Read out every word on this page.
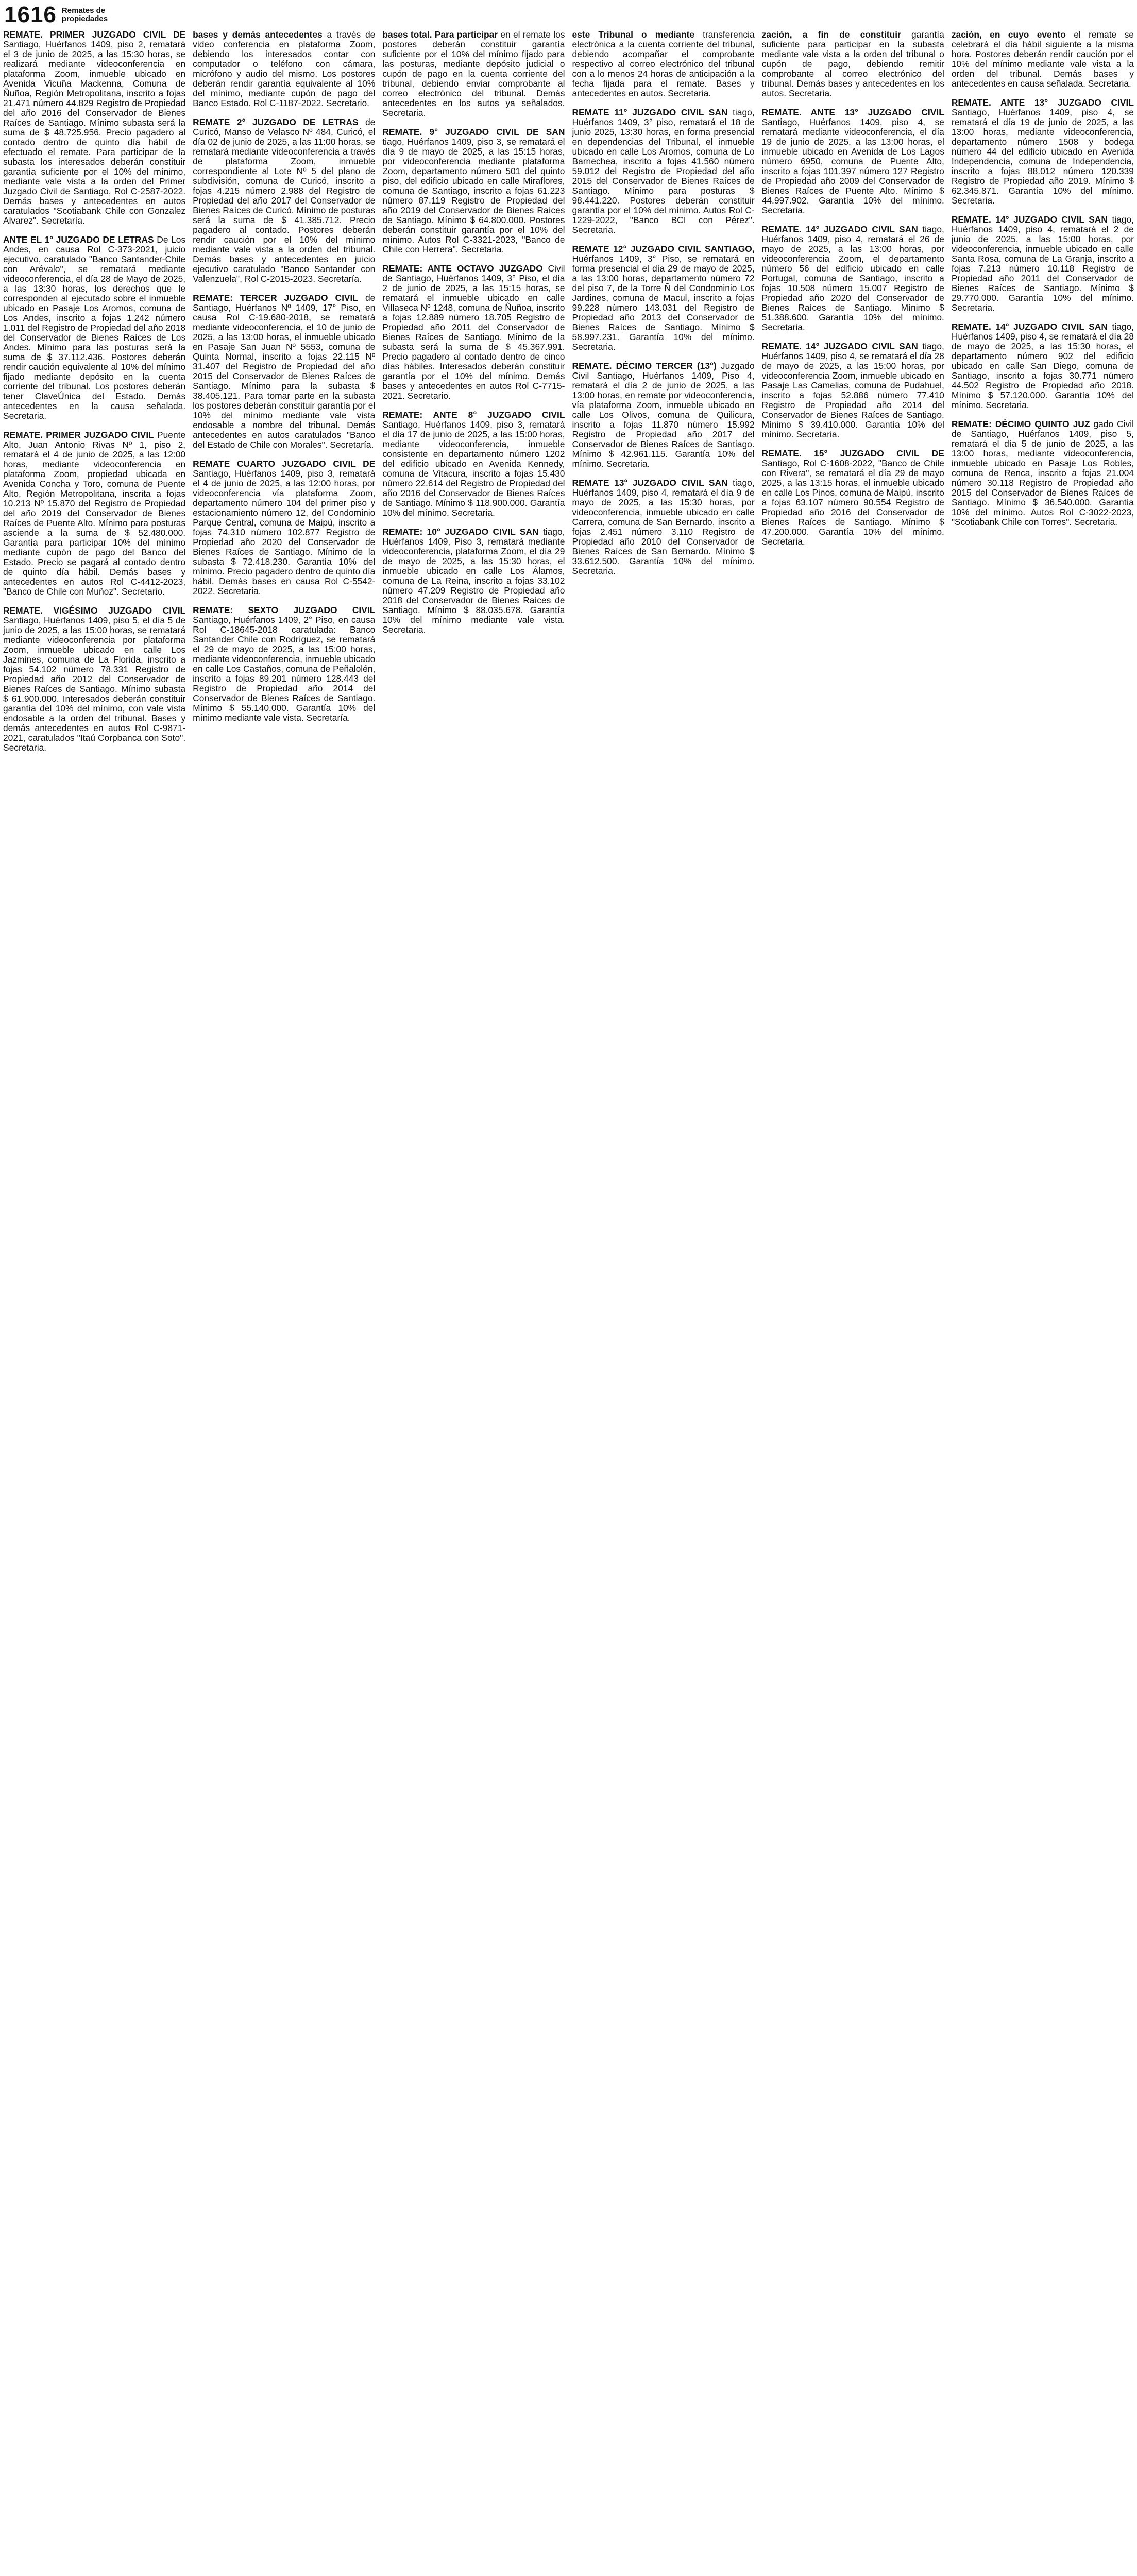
1616 Remates de propiedades

REMATE. PRIMER JUZGADO CIVIL DE Santiago, Huérfanos 1409, piso 2, rematará el 3 de junio de 2025, a las 15:30 horas, se realizará mediante videoconferencia en plataforma Zoom, inmueble ubicado en Avenida Vicuña Mackenna, Comuna de Ñuñoa, Región Metropolitana, inscrito a fojas 21.471 número 44.829 Registro de Propiedad del año 2016 del Conservador de Bienes Raíces de Santiago. Mínimo subasta será la suma de $ 48.725.956. Precio pagadero al contado dentro de quinto día hábil de efectuado el remate. Para participar de la subasta los interesados deberán constituir garantía suficiente por el 10% del mínimo, mediante vale vista a la orden del Primer Juzgado Civil de Santiago, Rol C-2587-2022. Demás bases y antecedentes en autos caratulados "Scotiabank Chile con Gonzalez Alvarez". Secretaría.

ANTE EL 1° JUZGADO DE LETRAS De Los Andes, en causa Rol C-373-2021, juicio ejecutivo, caratulado "Banco Santander-Chile con Arévalo", se rematará mediante videoconferencia, el día 28 de Mayo de 2025, a las 13:30 horas, los derechos que le corresponden al ejecutado sobre el inmueble ubicado en Pasaje Los Aromos, comuna de Los Andes, inscrito a fojas 1.242 número 1.011 del Registro de Propiedad del año 2018 del Conservador de Bienes Raíces de Los Andes. Mínimo para las posturas será la suma de $ 37.112.436. Postores deberán rendir caución equivalente al 10% del mínimo fijado mediante depósito en la cuenta corriente del tribunal. Los postores deberán tener ClaveÚnica del Estado. Demás antecedentes en la causa señalada. Secretaria.

REMATE. PRIMER JUZGADO CIVIL Puente Alto, Juan Antonio Rivas Nº 1, piso 2, rematará el 4 de junio de 2025, a las 12:00 horas, mediante videoconferencia en plataforma Zoom, propiedad ubicada en Avenida Concha y Toro, comuna de Puente Alto, Región Metropolitana, inscrita a fojas 10.213 Nº 15.870 del Registro de Propiedad del año 2019 del Conservador de Bienes Raíces de Puente Alto. Mínimo para posturas asciende a la suma de $ 52.480.000. Garantía para participar 10% del mínimo mediante cupón de pago del Banco del Estado. Precio se pagará al contado dentro de quinto día hábil. Demás bases y antecedentes en autos Rol C-4412-2023, "Banco de Chile con Muñoz". Secretario.

REMATE. VIGÉSIMO JUZGADO CIVIL Santiago, Huérfanos 1409, piso 5, el día 5 de junio de 2025, a las 15:00 horas, se rematará mediante videoconferencia por plataforma Zoom, inmueble ubicado en calle Los Jazmines, comuna de La Florida, inscrito a fojas 54.102 número 78.331 Registro de Propiedad año 2012 del Conservador de Bienes Raíces de Santiago. Mínimo subasta $ 61.900.000. Interesados deberán constituir garantía del 10% del mínimo, con vale vista endosable a la orden del tribunal. Bases y demás antecedentes en autos Rol C-9871-2021, caratulados "Itaú Corpbanca con Soto". Secretaria.

bases y demás antecedentes a través de video conferencia en plataforma Zoom, debiendo los interesados contar con computador o teléfono con cámara, micrófono y audio del mismo. Los postores deberán rendir garantía equivalente al 10% del mínimo, mediante cupón de pago del Banco Estado. Rol C-1187-2022. Secretario.

REMATE 2° JUZGADO DE LETRAS de Curicó, Manso de Velasco Nº 484, Curicó, el día 02 de junio de 2025, a las 11:00 horas, se rematará mediante videoconferencia a través de plataforma Zoom, inmueble correspondiente al Lote Nº 5 del plano de subdivisión, comuna de Curicó, inscrito a fojas 4.215 número 2.988 del Registro de Propiedad del año 2017 del Conservador de Bienes Raíces de Curicó. Mínimo de posturas será la suma de $ 41.385.712. Precio pagadero al contado. Postores deberán rendir caución por el 10% del mínimo mediante vale vista a la orden del tribunal. Demás bases y antecedentes en juicio ejecutivo caratulado "Banco Santander con Valenzuela", Rol C-2015-2023. Secretaría.

REMATE: TERCER JUZGADO CIVIL de Santiago, Huérfanos Nº 1409, 17° Piso, en causa Rol C-19.680-2018, se rematará mediante videoconferencia, el 10 de junio de 2025, a las 13:00 horas, el inmueble ubicado en Pasaje San Juan Nº 5553, comuna de Quinta Normal, inscrito a fojas 22.115 Nº 31.407 del Registro de Propiedad del año 2015 del Conservador de Bienes Raíces de Santiago. Mínimo para la subasta $ 38.405.121. Para tomar parte en la subasta los postores deberán constituir garantía por el 10% del mínimo mediante vale vista endosable a nombre del tribunal. Demás antecedentes en autos caratulados "Banco del Estado de Chile con Morales". Secretaría.

REMATE CUARTO JUZGADO CIVIL DE Santiago, Huérfanos 1409, piso 3, rematará el 4 de junio de 2025, a las 12:00 horas, por videoconferencia vía plataforma Zoom, departamento número 104 del primer piso y estacionamiento número 12, del Condominio Parque Central, comuna de Maipú, inscrito a fojas 74.310 número 102.877 Registro de Propiedad año 2020 del Conservador de Bienes Raíces de Santiago. Mínimo de la subasta $ 72.418.230. Garantía 10% del mínimo. Precio pagadero dentro de quinto día hábil. Demás bases en causa Rol C-5542-2022. Secretaria.

REMATE: SEXTO JUZGADO CIVIL Santiago, Huérfanos 1409, 2° Piso, en causa Rol C-18645-2018 caratulada: Banco Santander Chile con Rodríguez, se rematará el 29 de mayo de 2025, a las 15:00 horas, mediante videoconferencia, inmueble ubicado en calle Los Castaños, comuna de Peñalolén, inscrito a fojas 89.201 número 128.443 del Registro de Propiedad año 2014 del Conservador de Bienes Raíces de Santiago. Mínimo $ 55.140.000. Garantía 10% del mínimo mediante vale vista. Secretaría.

bases total. Para participar en el remate los postores deberán constituir garantía suficiente por el 10% del mínimo fijado para las posturas, mediante depósito judicial o cupón de pago en la cuenta corriente del tribunal, debiendo enviar comprobante al correo electrónico del tribunal. Demás antecedentes en los autos ya señalados. Secretaria.

REMATE. 9° JUZGADO CIVIL DE SAN tiago, Huérfanos 1409, piso 3, se rematará el día 9 de mayo de 2025, a las 15:15 horas, por videoconferencia mediante plataforma Zoom, departamento número 501 del quinto piso, del edificio ubicado en calle Miraflores, comuna de Santiago, inscrito a fojas 61.223 número 87.119 Registro de Propiedad del año 2019 del Conservador de Bienes Raíces de Santiago. Mínimo $ 64.800.000. Postores deberán constituir garantía por el 10% del mínimo. Autos Rol C-3321-2023, "Banco de Chile con Herrera". Secretaria.

REMATE: ANTE OCTAVO JUZGADO Civil de Santiago, Huérfanos 1409, 3° Piso, el día 2 de junio de 2025, a las 15:15 horas, se rematará el inmueble ubicado en calle Villaseca Nº 1248, comuna de Ñuñoa, inscrito a fojas 12.889 número 18.705 Registro de Propiedad año 2011 del Conservador de Bienes Raíces de Santiago. Mínimo de la subasta será la suma de $ 45.367.991. Precio pagadero al contado dentro de cinco días hábiles. Interesados deberán constituir garantía por el 10% del mínimo. Demás bases y antecedentes en autos Rol C-7715-2021. Secretario.

REMATE: ANTE 8° JUZGADO CIVIL Santiago, Huérfanos 1409, piso 3, rematará el día 17 de junio de 2025, a las 15:00 horas, mediante videoconferencia, inmueble consistente en departamento número 1202 del edificio ubicado en Avenida Kennedy, comuna de Vitacura, inscrito a fojas 15.430 número 22.614 del Registro de Propiedad del año 2016 del Conservador de Bienes Raíces de Santiago. Mínimo $ 118.900.000. Garantía 10% del mínimo. Secretaria.

REMATE: 10° JUZGADO CIVIL SAN tiago, Huérfanos 1409, Piso 3, rematará mediante videoconferencia, plataforma Zoom, el día 29 de mayo de 2025, a las 15:30 horas, el inmueble ubicado en calle Los Álamos, comuna de La Reina, inscrito a fojas 33.102 número 47.209 Registro de Propiedad año 2018 del Conservador de Bienes Raíces de Santiago. Mínimo $ 88.035.678. Garantía 10% del mínimo mediante vale vista. Secretaria.

este Tribunal o mediante transferencia electrónica a la cuenta corriente del tribunal, debiendo acompañar el comprobante respectivo al correo electrónico del tribunal con a lo menos 24 horas de anticipación a la fecha fijada para el remate. Bases y antecedentes en autos. Secretaria.

REMATE 11° JUZGADO CIVIL SAN tiago, Huérfanos 1409, 3° piso, rematará el 18 de junio 2025, 13:30 horas, en forma presencial en dependencias del Tribunal, el inmueble ubicado en calle Los Aromos, comuna de Lo Barnechea, inscrito a fojas 41.560 número 59.012 del Registro de Propiedad del año 2015 del Conservador de Bienes Raíces de Santiago. Mínimo para posturas $ 98.441.220. Postores deberán constituir garantía por el 10% del mínimo. Autos Rol C-1229-2022, "Banco BCI con Pérez". Secretaria.

REMATE 12° JUZGADO CIVIL SANTIAGO, Huérfanos 1409, 3° Piso, se rematará en forma presencial el día 29 de mayo de 2025, a las 13:00 horas, departamento número 72 del piso 7, de la Torre Ñ del Condominio Los Jardines, comuna de Macul, inscrito a fojas 99.228 número 143.031 del Registro de Propiedad año 2013 del Conservador de Bienes Raíces de Santiago. Mínimo $ 58.997.231. Garantía 10% del mínimo. Secretaria.

REMATE. DÉCIMO TERCER (13°) Juzgado Civil Santiago, Huérfanos 1409, Piso 4, rematará el día 2 de junio de 2025, a las 13:00 horas, en remate por videoconferencia, vía plataforma Zoom, inmueble ubicado en calle Los Olivos, comuna de Quilicura, inscrito a fojas 11.870 número 15.992 Registro de Propiedad año 2017 del Conservador de Bienes Raíces de Santiago. Mínimo $ 42.961.115. Garantía 10% del mínimo. Secretaria.

REMATE 13° JUZGADO CIVIL SAN tiago, Huérfanos 1409, piso 4, rematará el día 9 de mayo de 2025, a las 15:30 horas, por videoconferencia, inmueble ubicado en calle Carrera, comuna de San Bernardo, inscrito a fojas 2.451 número 3.110 Registro de Propiedad año 2010 del Conservador de Bienes Raíces de San Bernardo. Mínimo $ 33.612.500. Garantía 10% del mínimo. Secretaria.

zación, a fin de constituir garantía suficiente para participar en la subasta mediante vale vista a la orden del tribunal o cupón de pago, debiendo remitir comprobante al correo electrónico del tribunal. Demás bases y antecedentes en los autos. Secretaria.

REMATE. ANTE 13° JUZGADO CIVIL Santiago, Huérfanos 1409, piso 4, se rematará mediante videoconferencia, el día 19 de junio de 2025, a las 13:00 horas, el inmueble ubicado en Avenida de Los Lagos número 6950, comuna de Puente Alto, inscrito a fojas 101.397 número 127 Registro de Propiedad año 2009 del Conservador de Bienes Raíces de Puente Alto. Mínimo $ 44.997.902. Garantía 10% del mínimo. Secretaria.

REMATE. 14° JUZGADO CIVIL SAN tiago, Huérfanos 1409, piso 4, rematará el 26 de mayo de 2025, a las 13:00 horas, por videoconferencia Zoom, el departamento número 56 del edificio ubicado en calle Portugal, comuna de Santiago, inscrito a fojas 10.508 número 15.007 Registro de Propiedad año 2020 del Conservador de Bienes Raíces de Santiago. Mínimo $ 51.388.600. Garantía 10% del mínimo. Secretaria.

REMATE. 14° JUZGADO CIVIL SAN tiago, Huérfanos 1409, piso 4, se rematará el día 28 de mayo de 2025, a las 15:00 horas, por videoconferencia Zoom, inmueble ubicado en Pasaje Las Camelias, comuna de Pudahuel, inscrito a fojas 52.886 número 77.410 Registro de Propiedad año 2014 del Conservador de Bienes Raíces de Santiago. Mínimo $ 39.410.000. Garantía 10% del mínimo. Secretaria.

REMATE. 15° JUZGADO CIVIL DE Santiago, Rol C-1608-2022, "Banco de Chile con Rivera", se rematará el día 29 de mayo 2025, a las 13:15 horas, el inmueble ubicado en calle Los Pinos, comuna de Maipú, inscrito a fojas 63.107 número 90.554 Registro de Propiedad año 2016 del Conservador de Bienes Raíces de Santiago. Mínimo $ 47.200.000. Garantía 10% del mínimo. Secretaria.

zación, en cuyo evento el remate se celebrará el día hábil siguiente a la misma hora. Postores deberán rendir caución por el 10% del mínimo mediante vale vista a la orden del tribunal. Demás bases y antecedentes en causa señalada. Secretaria.

REMATE. ANTE 13° JUZGADO CIVIL Santiago, Huérfanos 1409, piso 4, se rematará el día 19 de junio de 2025, a las 13:00 horas, mediante videoconferencia, departamento número 1508 y bodega número 44 del edificio ubicado en Avenida Independencia, comuna de Independencia, inscrito a fojas 88.012 número 120.339 Registro de Propiedad año 2019. Mínimo $ 62.345.871. Garantía 10% del mínimo. Secretaria.

REMATE. 14° JUZGADO CIVIL SAN tiago, Huérfanos 1409, piso 4, rematará el 2 de junio de 2025, a las 15:00 horas, por videoconferencia, inmueble ubicado en calle Santa Rosa, comuna de La Granja, inscrito a fojas 7.213 número 10.118 Registro de Propiedad año 2011 del Conservador de Bienes Raíces de Santiago. Mínimo $ 29.770.000. Garantía 10% del mínimo. Secretaria.

REMATE. 14° JUZGADO CIVIL SAN tiago, Huérfanos 1409, piso 4, se rematará el día 28 de mayo de 2025, a las 15:30 horas, el departamento número 902 del edificio ubicado en calle San Diego, comuna de Santiago, inscrito a fojas 30.771 número 44.502 Registro de Propiedad año 2018. Mínimo $ 57.120.000. Garantía 10% del mínimo. Secretaria.

REMATE: DÉCIMO QUINTO JUZ gado Civil de Santiago, Huérfanos 1409, piso 5, rematará el día 5 de junio de 2025, a las 13:00 horas, mediante videoconferencia, inmueble ubicado en Pasaje Los Robles, comuna de Renca, inscrito a fojas 21.004 número 30.118 Registro de Propiedad año 2015 del Conservador de Bienes Raíces de Santiago. Mínimo $ 36.540.000. Garantía 10% del mínimo. Autos Rol C-3022-2023, "Scotiabank Chile con Torres". Secretaria.
